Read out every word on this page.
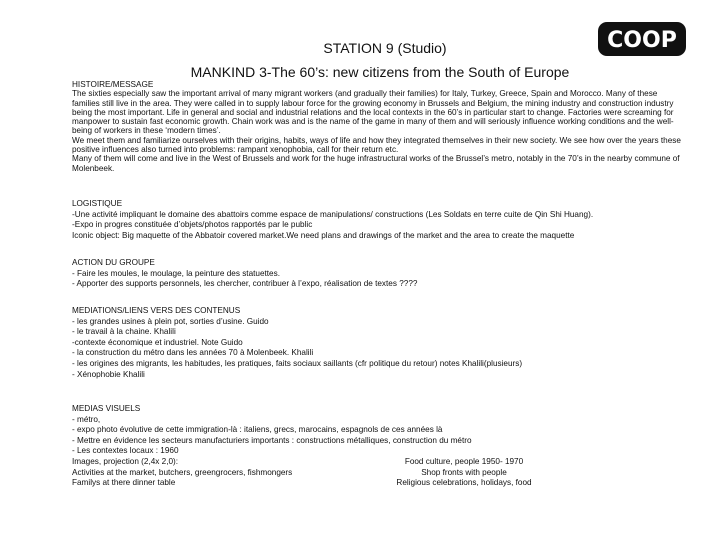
COOP
STATION 9 (Studio)
MANKIND 3-The 60’s: new citizens from the South of Europe

HISTOIRE/MESSAGE

The sixties especially saw the important arrival of many migrant workers (and gradually their families) for Italy, Turkey, Greece, Spain and Morocco. Many of these families still live in the area. They were called in to supply labour force for the growing economy in Brussels and Belgium, the mining industry and construction industry being the most important. Life in general and social and industrial relations and the local contexts in the 60’s in particular start to change. Factories were screaming for manpower to sustain fast economic growth. Chain work was and is the name of the game in many of them and will seriously influence working conditions and the well-being of workers in these ‘modern times’.

We meet them and familiarize ourselves with their origins, habits, ways of life and how they integrated themselves in their new society. We see how over the years these positive influences also turned into problems: rampant xenophobia, call for their return etc.

Many of them will come and live in the West of Brussels and work for the huge infrastructural works of the Brussel’s metro, notably in the 70’s in the nearby commune of Molenbeek.

LOGISTIQUE

-Une activité impliquant le domaine des abattoirs comme espace de manipulations/ constructions (Les Soldats en terre cuite de Qin Shi Huang).

-Expo in progres constituée d’objets/photos rapportés par le public

Iconic object: Big maquette of the Abbatoir covered market.We need plans and drawings of the market and the area to create the maquette

ACTION DU GROUPE

- Faire les moules, le moulage, la peinture des statuettes.

- Apporter des supports personnels, les chercher, contribuer à l’expo, réalisation de textes ????

MEDIATIONS/LIENS VERS DES CONTENUS

- les grandes usines à plein pot, sorties d’usine. Guido

- le travail à la chaine. Khalili

-contexte économique et industriel. Note Guido

- la construction du métro dans les années 70 à Molenbeek. Khalili

- les origines des migrants, les habitudes, les pratiques, faits sociaux saillants (cfr politique du retour) notes Khalili(plusieurs)

- Xénophobie Khalili

MEDIAS VISUELS

- métro,

- expo photo évolutive de cette immigration-là : italiens, grecs, marocains, espagnols de ces années là

- Mettre en évidence les secteurs manufacturiers importants : constructions métalliques, construction du métro

- Les contextes locaux : 1960

Images, projection (2,4x 2,0):	Food culture, people 1950- 1970
Activities at the market, butchers, greengrocers, fishmongers	Shop fronts with people
Familys at there dinner table	Religious celebrations, holidays, food
